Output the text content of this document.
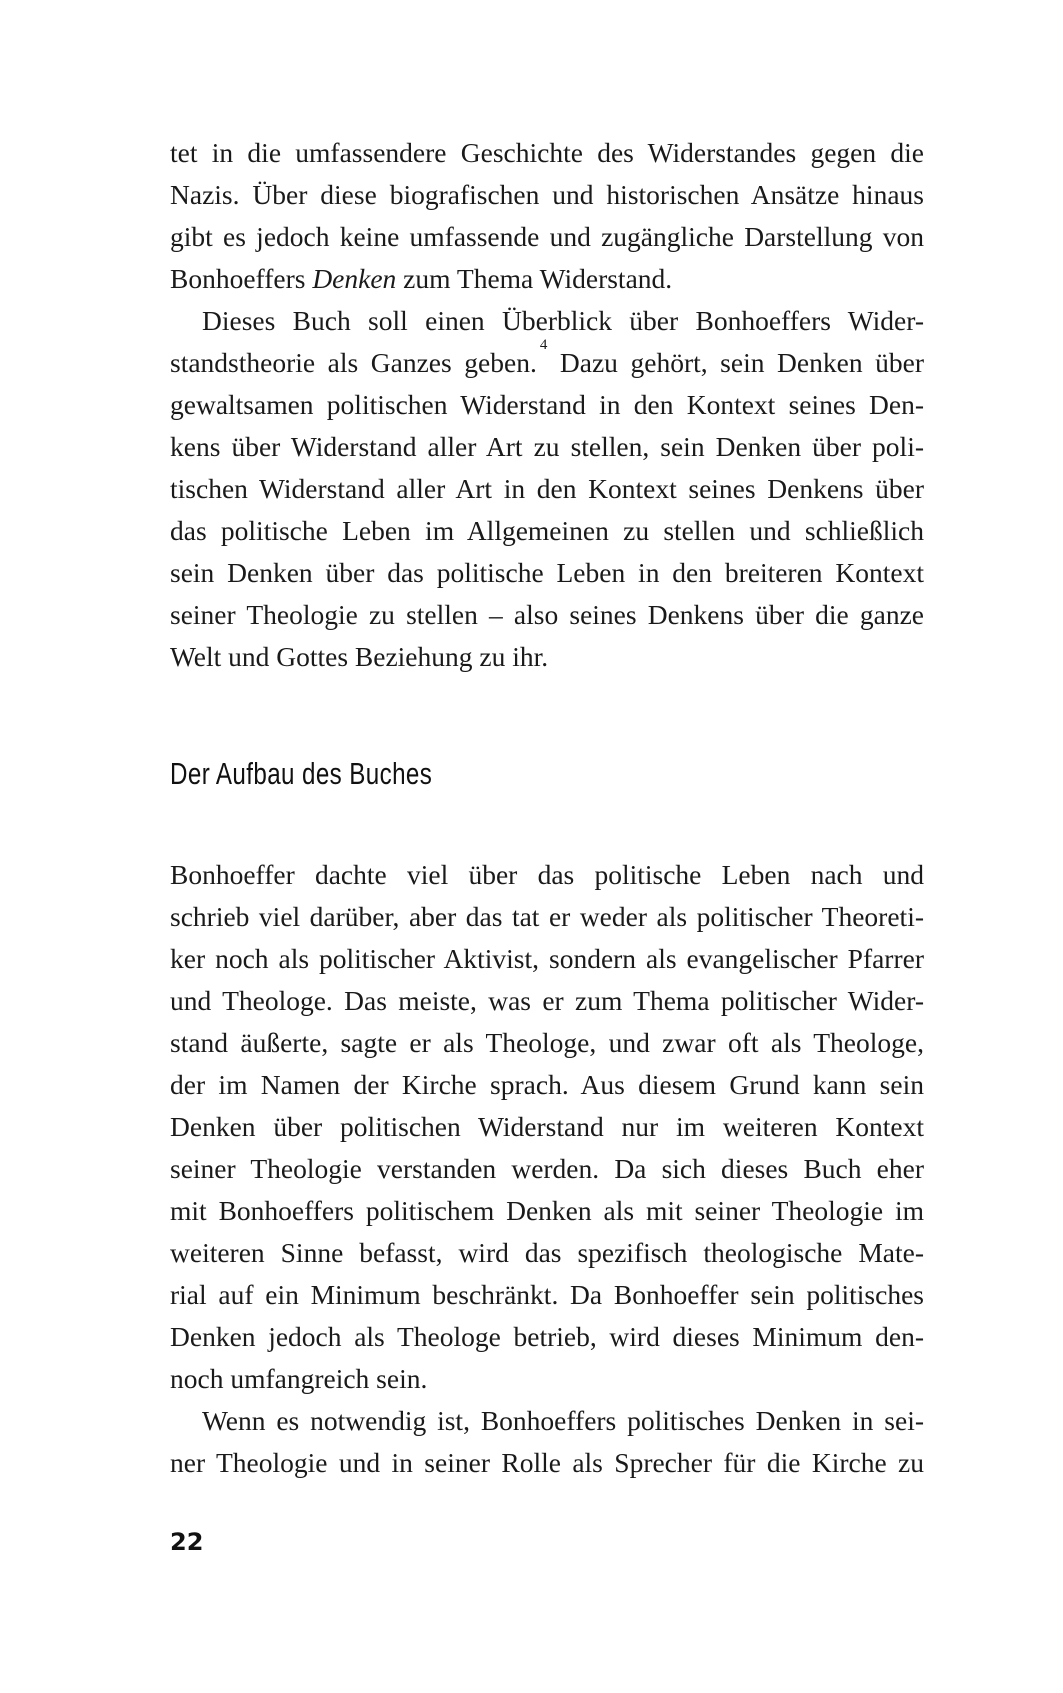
tet in die umfassendere Geschichte des Widerstandes gegen die
Nazis. Über diese biografischen und historischen Ansätze hinaus
gibt es jedoch keine umfassende und zugängliche Darstellung von
Bonhoeffers Denken zum Thema Widerstand.

Dieses Buch soll einen Überblick über Bonhoeffers Wider-
standstheorie als Ganzes geben.$^4$ Dazu gehört, sein Denken über
gewaltsamen politischen Widerstand in den Kontext seines Den-
kens über Widerstand aller Art zu stellen, sein Denken über poli-
tischen Widerstand aller Art in den Kontext seines Denkens über
das politische Leben im Allgemeinen zu stellen und schließlich
sein Denken über das politische Leben in den breiteren Kontext
seiner Theologie zu stellen – also seines Denkens über die ganze
Welt und Gottes Beziehung zu ihr.

Der Aufbau des Buches

Bonhoeffer dachte viel über das politische Leben nach und
schrieb viel darüber, aber das tat er weder als politischer Theoreti-
ker noch als politischer Aktivist, sondern als evangelischer Pfarrer
und Theologe. Das meiste, was er zum Thema politischer Wider-
stand äußerte, sagte er als Theologe, und zwar oft als Theologe,
der im Namen der Kirche sprach. Aus diesem Grund kann sein
Denken über politischen Widerstand nur im weiteren Kontext
seiner Theologie verstanden werden. Da sich dieses Buch eher
mit Bonhoeffers politischem Denken als mit seiner Theologie im
weiteren Sinne befasst, wird das spezifisch theologische Mate-
rial auf ein Minimum beschränkt. Da Bonhoeffer sein politisches
Denken jedoch als Theologe betrieb, wird dieses Minimum den-
noch umfangreich sein.

Wenn es notwendig ist, Bonhoeffers politisches Denken in sei-
ner Theologie und in seiner Rolle als Sprecher für die Kirche zu

22
